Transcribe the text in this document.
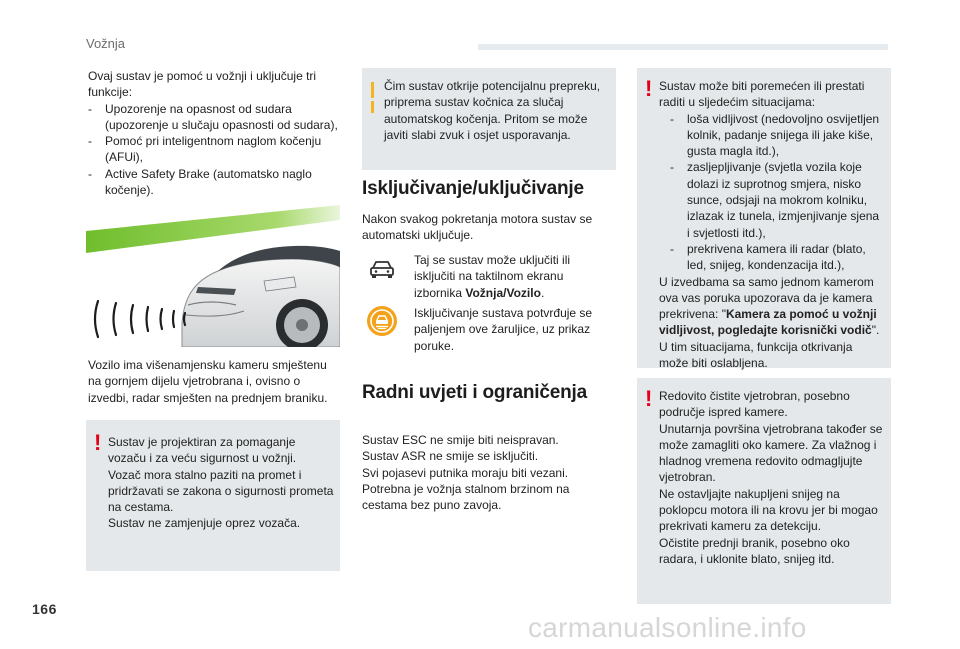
Vožnja
Ovaj sustav je pomoć u vožnji i uključuje tri funkcije:
- Upozorenje na opasnost od sudara (upozorenje u slučaju opasnosti od sudara),
- Pomoć pri inteligentnom naglom kočenju (AFUi),
- Active Safety Brake (automatsko naglo kočenje).
Vozilo ima višenamjensku kameru smještenu na gornjem dijelu vjetrobrana i, ovisno o izvedbi, radar smješten na prednjem braniku.
! Sustav je projektiran za pomaganje vozaču i za veću sigurnost u vožnji.
Vozač mora stalno paziti na promet i pridržavati se zakona o sigurnosti prometa na cestama.
Sustav ne zamjenjuje oprez vozača.
Čim sustav otkrije potencijalnu prepreku, priprema sustav kočnica za slučaj automatskog kočenja. Pritom se može javiti slabi zvuk i osjet usporavanja.
Isključivanje/uključivanje
Nakon svakog pokretanja motora sustav se automatski uključuje.
Taj se sustav može uključiti ili isključiti na taktilnom ekranu izbornika Vožnja/Vozilo.
Isključivanje sustava potvrđuje se paljenjem ove žaruljice, uz prikaz poruke.
Radni uvjeti i ograničenja
Sustav ESC ne smije biti neispravan.
Sustav ASR ne smije se isključiti.
Svi pojasevi putnika moraju biti vezani.
Potrebna je vožnja stalnom brzinom na cestama bez puno zavoja.
! Sustav može biti poremećen ili prestati raditi u sljedećim situacijama:
- loša vidljivost (nedovoljno osvijetljen kolnik, padanje snijega ili jake kiše, gusta magla itd.),
- zasljepljivanje (svjetla vozila koje dolazi iz suprotnog smjera, nisko sunce, odsjaji na mokrom kolniku, izlazak iz tunela, izmjenjivanje sjena i svjetlosti itd.),
- prekrivena kamera ili radar (blato, led, snijeg, kondenzacija itd.),
U izvedbama sa samo jednom kamerom ova vas poruka upozorava da je kamera prekrivena: "Kamera za pomoć u vožnji vidljivost, pogledajte korisnički vodič".
U tim situacijama, funkcija otkrivanja može biti oslabljena.
! Redovito čistite vjetrobran, posebno područje ispred kamere.
Unutarnja površina vjetrobrana također se može zamagliti oko kamere. Za vlažnog i hladnog vremena redovito odmagljujte vjetrobran.
Ne ostavljajte nakupljeni snijeg na poklopcu motora ili na krovu jer bi mogao prekrivati kameru za detekciju.
Očistite prednji branik, posebno oko radara, i uklonite blato, snijeg itd.
166
carmanualsonline.info
